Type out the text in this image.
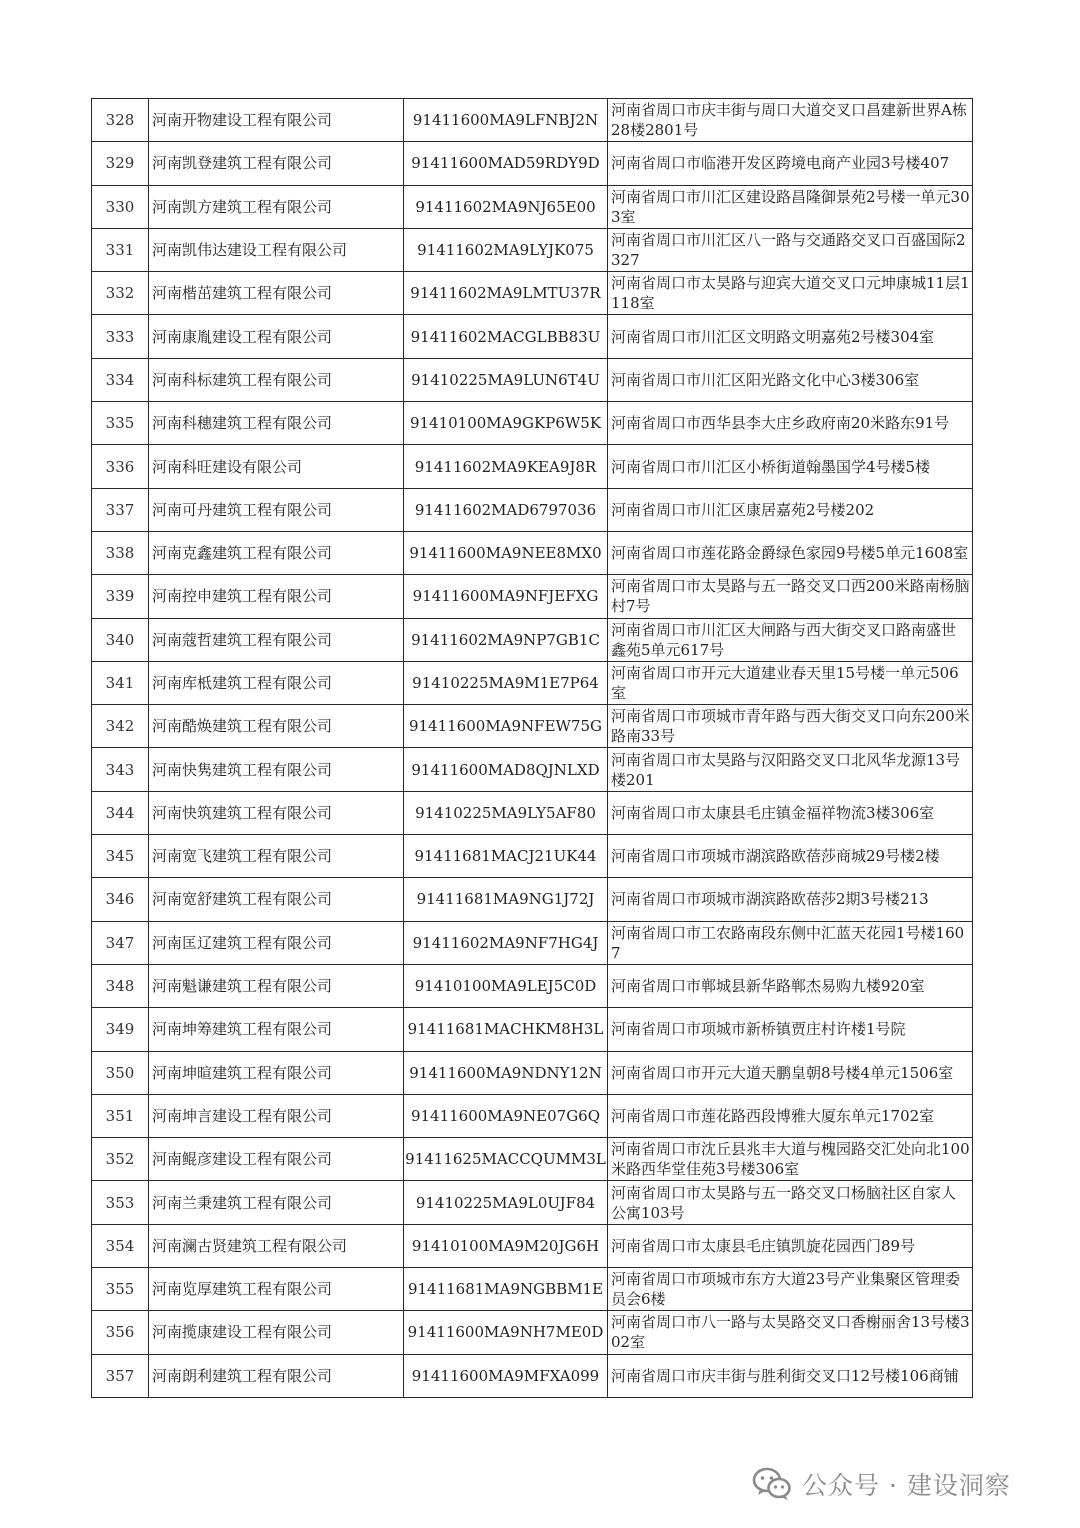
328	河南开物建设工程有限公司	91411600MA9LFNBJ2N	河南省周口市庆丰街与周口大道交叉口昌建新世界A栋28楼2801号
329	河南凯登建筑工程有限公司	91411600MAD59RDY9D	河南省周口市临港开发区跨境电商产业园3号楼407
330	河南凯方建筑工程有限公司	91411602MA9NJ65E00	河南省周口市川汇区建设路昌隆御景苑2号楼一单元303室
331	河南凯伟达建设工程有限公司	91411602MA9LYJK075	河南省周口市川汇区八一路与交通路交叉口百盛国际2327
332	河南楷茁建筑工程有限公司	91411602MA9LMTU37R	河南省周口市太昊路与迎宾大道交叉口元坤康城11层1118室
333	河南康胤建设工程有限公司	91411602MACGLBB83U	河南省周口市川汇区文明路文明嘉苑2号楼304室
334	河南科标建筑工程有限公司	91410225MA9LUN6T4U	河南省周口市川汇区阳光路文化中心3楼306室
335	河南科穗建筑工程有限公司	91410100MA9GKP6W5K	河南省周口市西华县李大庄乡政府南20米路东91号
336	河南科旺建设有限公司	91411602MA9KEA9J8R	河南省周口市川汇区小桥街道翰墨国学4号楼5楼
337	河南可丹建筑工程有限公司	91411602MAD6797036	河南省周口市川汇区康居嘉苑2号楼202
338	河南克鑫建筑工程有限公司	91411600MA9NEE8MX0	河南省周口市莲花路金爵绿色家园9号楼5单元1608室
339	河南控申建筑工程有限公司	91411600MA9NFJEFXG	河南省周口市太昊路与五一路交叉口西200米路南杨脑村7号
340	河南蔻哲建筑工程有限公司	91411602MA9NP7GB1C	河南省周口市川汇区大闸路与西大街交叉口路南盛世鑫苑5单元617号
341	河南库柢建筑工程有限公司	91410225MA9M1E7P64	河南省周口市开元大道建业春天里15号楼一单元506室
342	河南酷焕建筑工程有限公司	91411600MA9NFEW75G	河南省周口市项城市青年路与西大街交叉口向东200米路南33号
343	河南快隽建筑工程有限公司	91411600MAD8QJNLXD	河南省周口市太昊路与汉阳路交叉口北风华龙源13号楼201
344	河南快筑建筑工程有限公司	91410225MA9LY5AF80	河南省周口市太康县毛庄镇金福祥物流3楼306室
345	河南宽飞建筑工程有限公司	91411681MACJ21UK44	河南省周口市项城市湖滨路欧蓓莎商城29号楼2楼
346	河南宽舒建筑工程有限公司	91411681MA9NG1J72J	河南省周口市项城市湖滨路欧蓓莎2期3号楼213
347	河南匡辽建筑工程有限公司	91411602MA9NF7HG4J	河南省周口市工农路南段东侧中汇蓝天花园1号楼1607
348	河南魁谦建筑工程有限公司	91410100MA9LEJ5C0D	河南省周口市郸城县新华路郸杰易购九楼920室
349	河南坤筹建筑工程有限公司	91411681MACHKM8H3L	河南省周口市项城市新桥镇贾庄村许楼1号院
350	河南坤暄建筑工程有限公司	91411600MA9NDNY12N	河南省周口市开元大道天鹏皇朝8号楼4单元1506室
351	河南坤言建设工程有限公司	91411600MA9NE07G6Q	河南省周口市莲花路西段博雅大厦东单元1702室
352	河南鲲彦建设工程有限公司	91411625MACCQUMM3L	河南省周口市沈丘县兆丰大道与槐园路交汇处向北100米路西华堂佳苑3号楼306室
353	河南兰秉建筑工程有限公司	91410225MA9L0UJF84	河南省周口市太昊路与五一路交叉口杨脑社区自家人公寓103号
354	河南澜古贤建筑工程有限公司	91410100MA9M20JG6H	河南省周口市太康县毛庄镇凯旋花园西门89号
355	河南览厚建筑工程有限公司	91411681MA9NGBBM1E	河南省周口市项城市东方大道23号产业集聚区管理委员会6楼
356	河南揽康建设工程有限公司	91411600MA9NH7ME0D	河南省周口市八一路与太昊路交叉口香榭丽舍13号楼302室
357	河南朗利建筑工程有限公司	91411600MA9MFXA099	河南省周口市庆丰街与胜利街交叉口12号楼106商铺
公众号 · 建设洞察
